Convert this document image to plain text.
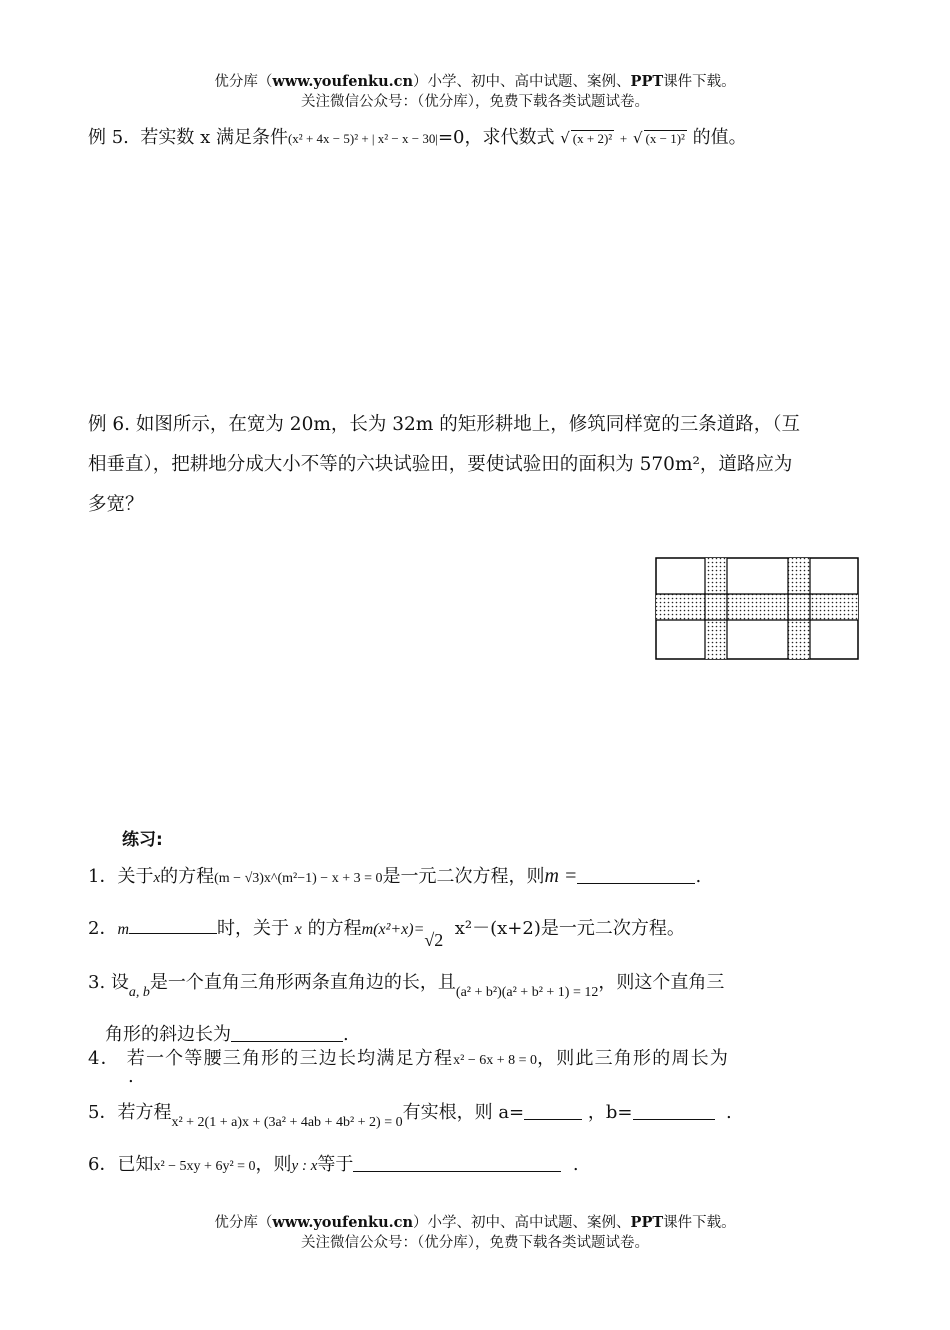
优分库（www.youfenku.cn）小学、初中、高中试题、案例、PPT课件下载。
关注微信公众号：（优分库），免费下载各类试题试卷。
例 5. 若实数 x 满足条件(x² + 4x − 5)² + | x² − x − 30|=0，求代数式 √ (x + 2)² + √ (x − 1)² 的值。
例 6. 如图所示，在宽为 20m，长为 32m 的矩形耕地上，修筑同样宽的三条道路，（互
相垂直），把耕地分成大小不等的六块试验田，要使试验田的面积为 570m²，道路应为
多宽？
练习:
1．关于x的方程(m − √3)x^(m²−1) − x + 3 = 0是一元二次方程，则m =	.
2．m	时，关于 x 的方程m(x²+x)=√2  x²－(x+2)是一元二次方程。
3. 设$_{a, b}$是一个直角三角形两条直角边的长，且$_{(a^2 + b^2)(a^2 + b^2 + 1) = 12}$，则这个直角三
角形的斜边长为	.
4． 若一个等腰三角形的三边长均满足方程x² − 6x + 8 = 0，则此三角形的周长为
.
5．若方程$_{x^2 + 2(1 + a)x + (3a^2 + 4ab + 4b^2 + 2) = 0}$有实根，则 a=	，b=	.
6．已知x² − 5xy + 6y² = 0，则y : x等于	.
优分库（www.youfenku.cn）小学、初中、高中试题、案例、PPT课件下载。
关注微信公众号：（优分库），免费下载各类试题试卷。
